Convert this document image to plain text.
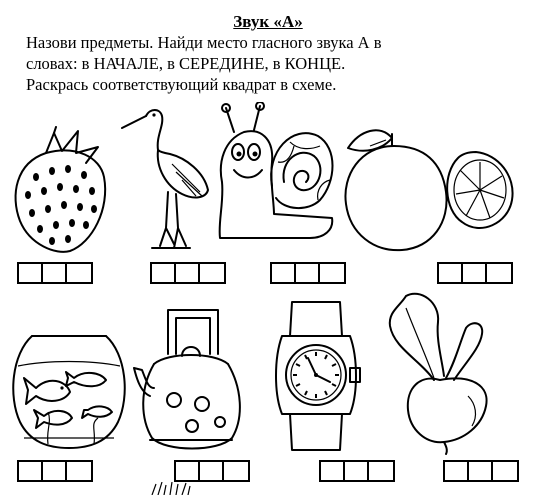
Звук «А»
Назови предметы. Найди место гласного звука А в
словах: в НАЧАЛЕ, в СЕРЕДИНЕ, в КОНЦЕ.
Раскрась соответствующий квадрат в схеме.
